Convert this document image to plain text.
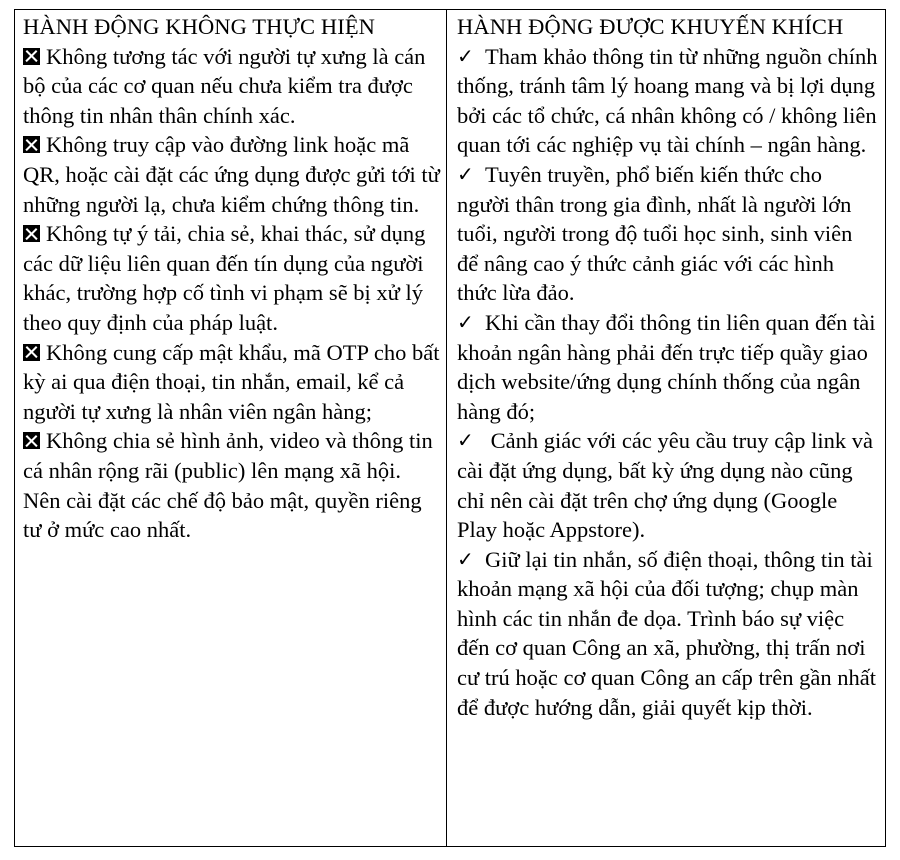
HÀNH ĐỘNG KHÔNG THỰC HIỆN

Không tương tác với người tự xưng là cán bộ của các cơ quan nếu chưa kiểm tra được thông tin nhân thân chính xác.

Không truy cập vào đường link hoặc mã QR, hoặc cài đặt các ứng dụng được gửi tới từ những người lạ, chưa kiểm chứng thông tin.

Không tự ý tải, chia sẻ, khai thác, sử dụng các dữ liệu liên quan đến tín dụng của người khác, trường hợp cố tình vi phạm sẽ bị xử lý theo quy định của pháp luật.

Không cung cấp mật khẩu, mã OTP cho bất kỳ ai qua điện thoại, tin nhắn, email, kể cả người tự xưng là nhân viên ngân hàng;

Không chia sẻ hình ảnh, video và thông tin cá nhân rộng rãi (public) lên mạng xã hội. Nên cài đặt các chế độ bảo mật, quyền riêng tư ở mức cao nhất.

HÀNH ĐỘNG ĐƯỢC KHUYẾN KHÍCH

✓ Tham khảo thông tin từ những nguồn chính thống, tránh tâm lý hoang mang và bị lợi dụng bởi các tổ chức, cá nhân không có / không liên quan tới các nghiệp vụ tài chính – ngân hàng.

✓ Tuyên truyền, phổ biến kiến thức cho người thân trong gia đình, nhất là người lớn tuổi, người trong độ tuổi học sinh, sinh viên để nâng cao ý thức cảnh giác với các hình thức lừa đảo.

✓ Khi cần thay đổi thông tin liên quan đến tài khoản ngân hàng phải đến trực tiếp quầy giao dịch website/ứng dụng chính thống của ngân hàng đó;

✓ Cảnh giác với các yêu cầu truy cập link và cài đặt ứng dụng, bất kỳ ứng dụng nào cũng chỉ nên cài đặt trên chợ ứng dụng (Google Play hoặc Appstore).

✓ Giữ lại tin nhắn, số điện thoại, thông tin tài khoản mạng xã hội của đối tượng; chụp màn hình các tin nhắn đe dọa. Trình báo sự việc đến cơ quan Công an xã, phường, thị trấn nơi cư trú hoặc cơ quan Công an cấp trên gần nhất để được hướng dẫn, giải quyết kịp thời.
